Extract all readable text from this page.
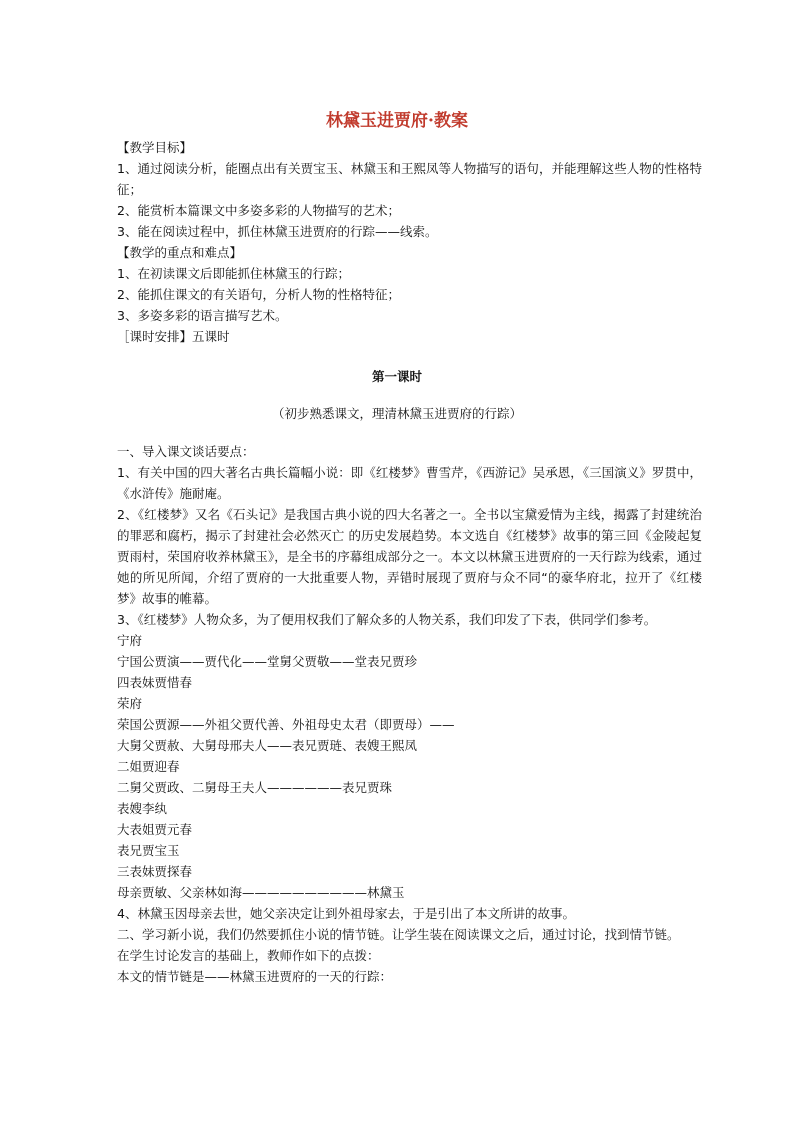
林黛玉进贾府·教案
【教学目标】
1、通过阅读分析，能圈点出有关贾宝玉、林黛玉和王熙凤等人物描写的语句，并能理解这些人物的性格特征；
2、能赏析本篇课文中多姿多彩的人物描写的艺术；
3、能在阅读过程中，抓住林黛玉进贾府的行踪——线索。
【教学的重点和难点】
1、在初读课文后即能抓住林黛玉的行踪；
2、能抓住课文的有关语句，分析人物的性格特征；
3、多姿多彩的语言描写艺术。
［课时安排】五课时
第一课时
（初步熟悉课文，理清林黛玉进贾府的行踪）
一、导入课文谈话要点：
1、有关中国的四大著名古典长篇幅小说：即《红楼梦》曹雪芹，《西游记》吴承恩，《三国演义》罗贯中，《水浒传》施耐庵。
2、《红楼梦》又名《石头记》是我国古典小说的四大名著之一。全书以宝黛爱情为主线，揭露了封建统治的罪恶和腐朽，揭示了封建社会必然灭亡 的历史发展趋势。本文选自《红楼梦》故事的第三回《金陵起复贾雨村，荣国府收养林黛玉》，是全书的序幕组成部分之一。本文以林黛玉进贾府的一天行踪为线索，通过她的所见所闻，介绍了贾府的一大批重要人物，弄错时展现了贾府与众不同“的豪华府北，拉开了《红楼梦》故事的帷幕。
3、《红楼梦》人物众多，为了便用权我们了解众多的人物关系，我们印发了下表，供同学们参考。
宁府
宁国公贾演——贾代化——堂舅父贾敬——堂表兄贾珍
四表妹贾惜春
荣府
荣国公贾源——外祖父贾代善、外祖母史太君（即贾母）——
大舅父贾赦、大舅母邢夫人——表兄贾琏、表嫂王熙凤
二姐贾迎春
二舅父贾政、二舅母王夫人——————表兄贾珠
表嫂李纨
大表姐贾元春
表兄贾宝玉
三表妹贾探春
母亲贾敏、父亲林如海——————————林黛玉
4、林黛玉因母亲去世，她父亲决定让到外祖母家去，于是引出了本文所讲的故事。
二、学习新小说，我们仍然要抓住小说的情节链。让学生装在阅读课文之后，通过讨论，找到情节链。
在学生讨论发言的基础上，教师作如下的点拨：
本文的情节链是——林黛玉进贾府的一天的行踪：
